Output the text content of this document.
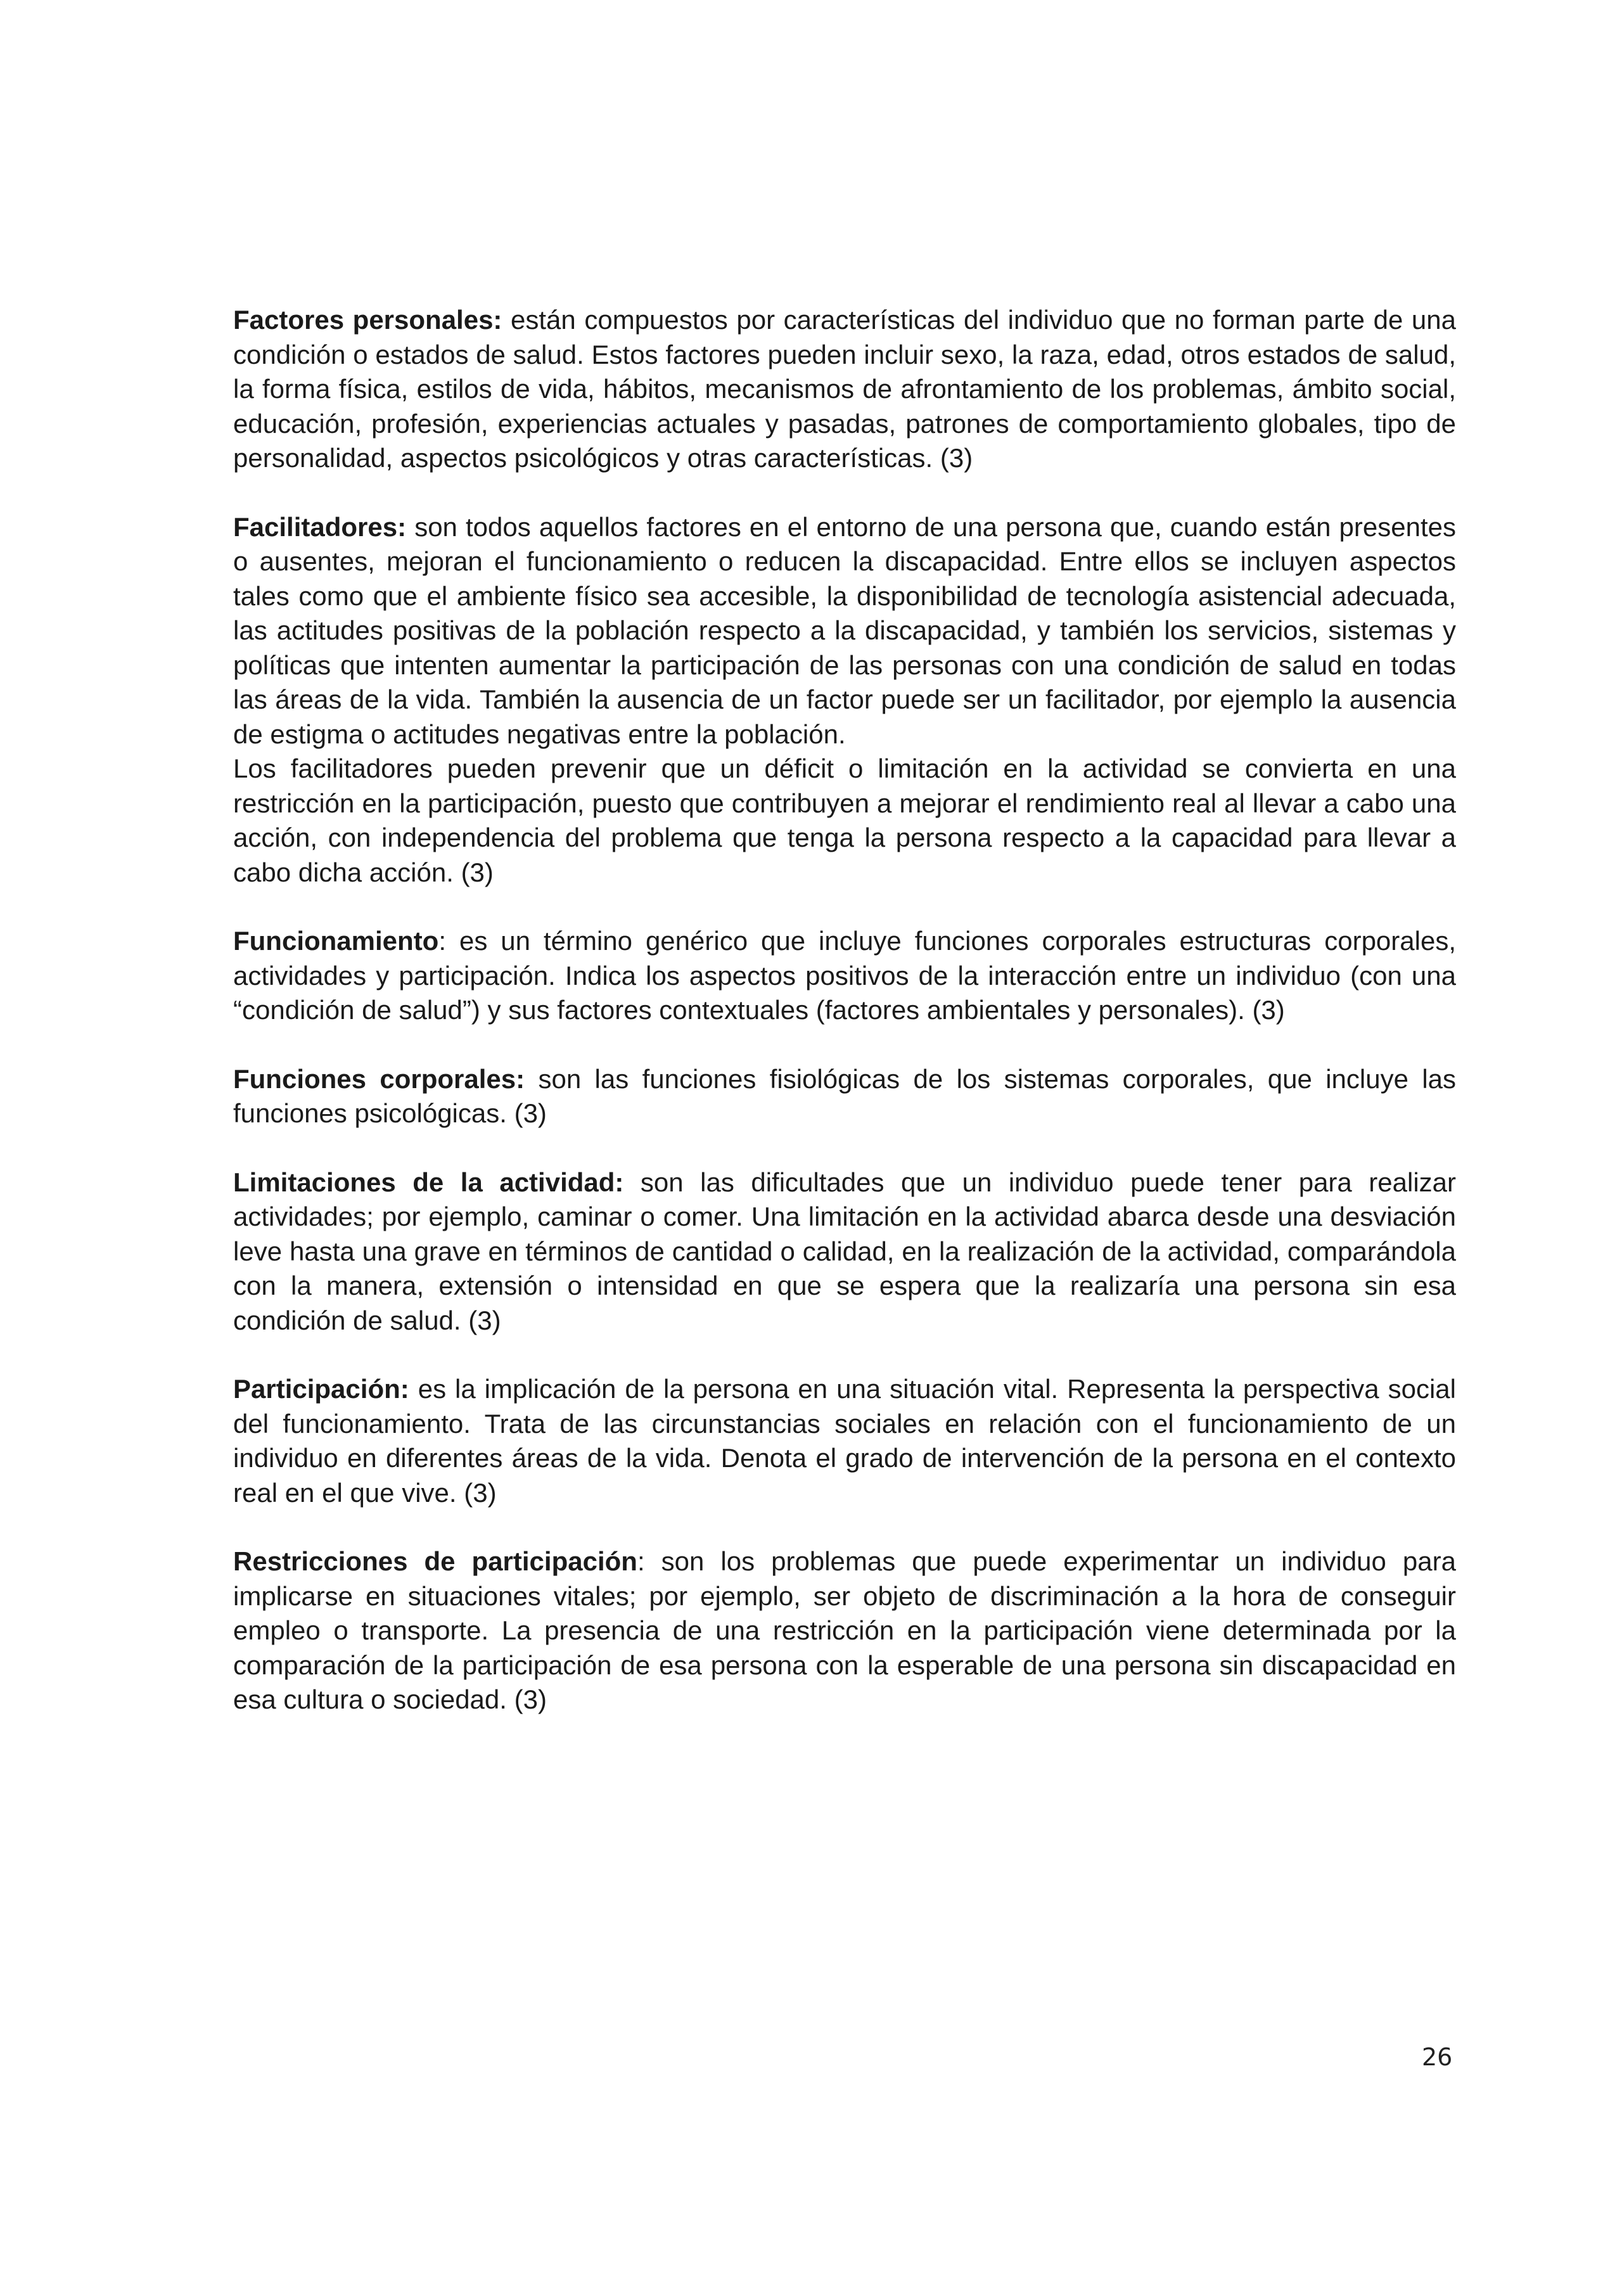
Factores personales: están compuestos por características del individuo que no forman parte de una condición o estados de salud. Estos factores pueden incluir sexo, la raza, edad, otros estados de salud, la forma física, estilos de vida, hábitos, mecanismos de afrontamiento de los problemas, ámbito social, educación, profesión, experiencias actuales y pasadas, patrones de comportamiento globales, tipo de personalidad, aspectos psicológicos y otras características. (3)

Facilitadores: son todos aquellos factores en el entorno de una persona que, cuando están presentes o ausentes, mejoran el funcionamiento o reducen la discapacidad. Entre ellos se incluyen aspectos tales como que el ambiente físico sea accesible, la disponibilidad de tecnología asistencial adecuada, las actitudes positivas de la población respecto a la discapacidad, y también los servicios, sistemas y políticas que intenten aumentar la participación de las personas con una condición de salud en todas las áreas de la vida. También la ausencia de un factor puede ser un facilitador, por ejemplo la ausencia de estigma o actitudes negativas entre la población.
Los facilitadores pueden prevenir que un déficit o limitación en la actividad se convierta en una restricción en la participación, puesto que contribuyen a mejorar el rendimiento real al llevar a cabo una acción, con independencia del problema que tenga la persona respecto a la capacidad para llevar a cabo dicha acción. (3)

Funcionamiento: es un término genérico que incluye funciones corporales estructuras corporales, actividades y participación. Indica los aspectos positivos de la interacción entre un individuo (con una “condición de salud”) y sus factores contextuales (factores ambientales y personales). (3)

Funciones corporales: son las funciones fisiológicas de los sistemas corporales, que incluye las funciones psicológicas. (3)

Limitaciones de la actividad: son las dificultades que un individuo puede tener para realizar actividades; por ejemplo, caminar o comer. Una limitación en la actividad abarca desde una desviación leve hasta una grave en términos de cantidad o calidad, en la realización de la actividad, comparándola con la manera, extensión o intensidad en que se espera que la realizaría una persona sin esa condición de salud. (3)

Participación: es la implicación de la persona en una situación vital. Representa la perspectiva social del funcionamiento. Trata de las circunstancias sociales en relación con el funcionamiento de un individuo en diferentes áreas de la vida. Denota el grado de intervención de la persona en el contexto real en el que vive. (3)

Restricciones de participación: son los problemas que puede experimentar un individuo para implicarse en situaciones vitales; por ejemplo, ser objeto de discriminación a la hora de conseguir empleo o transporte. La presencia de una restricción en la participación viene determinada por la comparación de la participación de esa persona con la esperable de una persona sin discapacidad en esa cultura o sociedad. (3)

26
